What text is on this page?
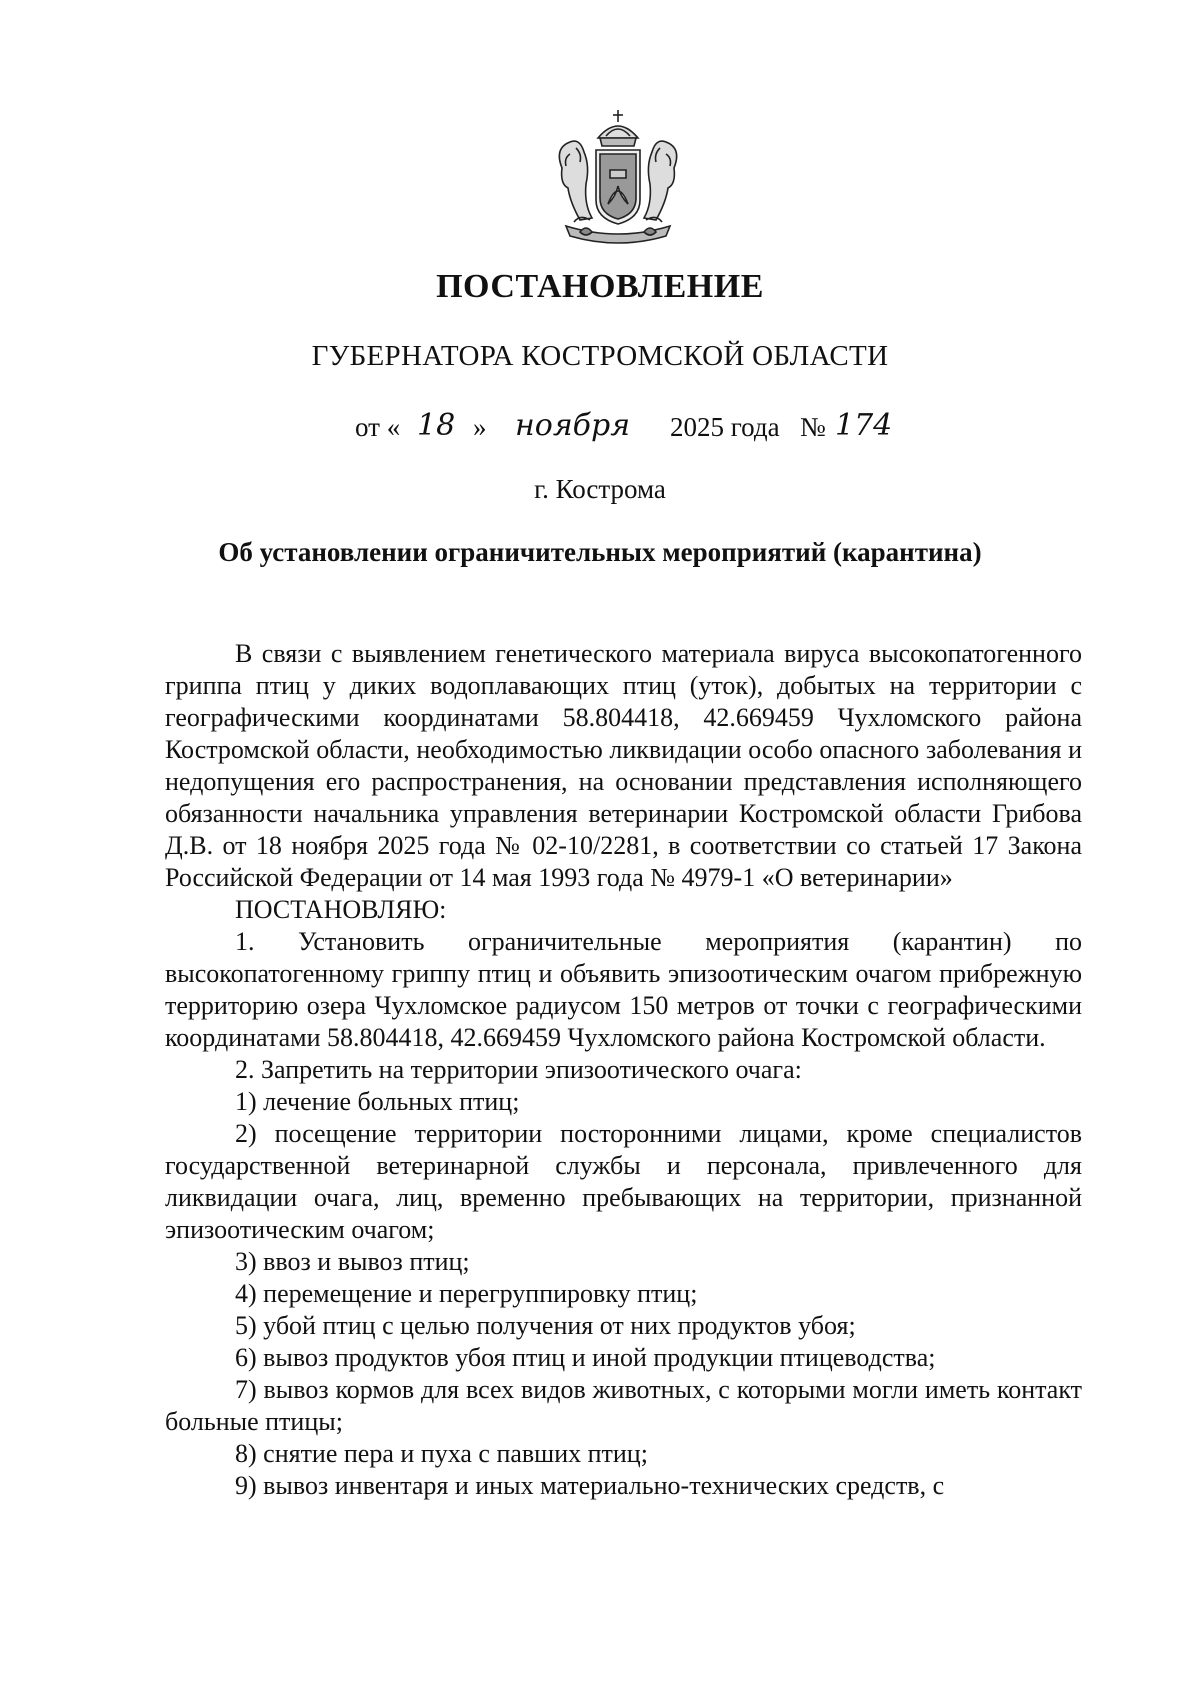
ПОСТАНОВЛЕНИЕ
ГУБЕРНАТОРА КОСТРОМСКОЙ ОБЛАСТИ
от « 18 » ноября 2025 года № 174
г. Кострома
Об установлении ограничительных мероприятий (карантина)

В связи с выявлением генетического материала вируса высокопатогенного гриппа птиц у диких водоплавающих птиц (уток), добытых на территории с географическими координатами 58.804418, 42.669459 Чухломского района Костромской области, необходимостью ликвидации особо опасного заболевания и недопущения его распространения, на основании представления исполняющего обязанности начальника управления ветеринарии Костромской области Грибова Д.В. от 18 ноября 2025 года № 02-10/2281, в соответствии со статьей 17 Закона Российской Федерации от 14 мая 1993 года № 4979-1 «О ветеринарии»

ПОСТАНОВЛЯЮ:

1. Установить ограничительные мероприятия (карантин) по высокопатогенному гриппу птиц и объявить эпизоотическим очагом прибрежную территорию озера Чухломское радиусом 150 метров от точки с географическими координатами 58.804418, 42.669459 Чухломского района Костромской области.

2. Запретить на территории эпизоотического очага:

1) лечение больных птиц;

2) посещение территории посторонними лицами, кроме специалистов государственной ветеринарной службы и персонала, привлеченного для ликвидации очага, лиц, временно пребывающих на территории, признанной эпизоотическим очагом;

3) ввоз и вывоз птиц;

4) перемещение и перегруппировку птиц;

5) убой птиц с целью получения от них продуктов убоя;

6) вывоз продуктов убоя птиц и иной продукции птицеводства;

7) вывоз кормов для всех видов животных, с которыми могли иметь контакт больные птицы;

8) снятие пера и пуха с павших птиц;

9) вывоз инвентаря и иных материально-технических средств, с
